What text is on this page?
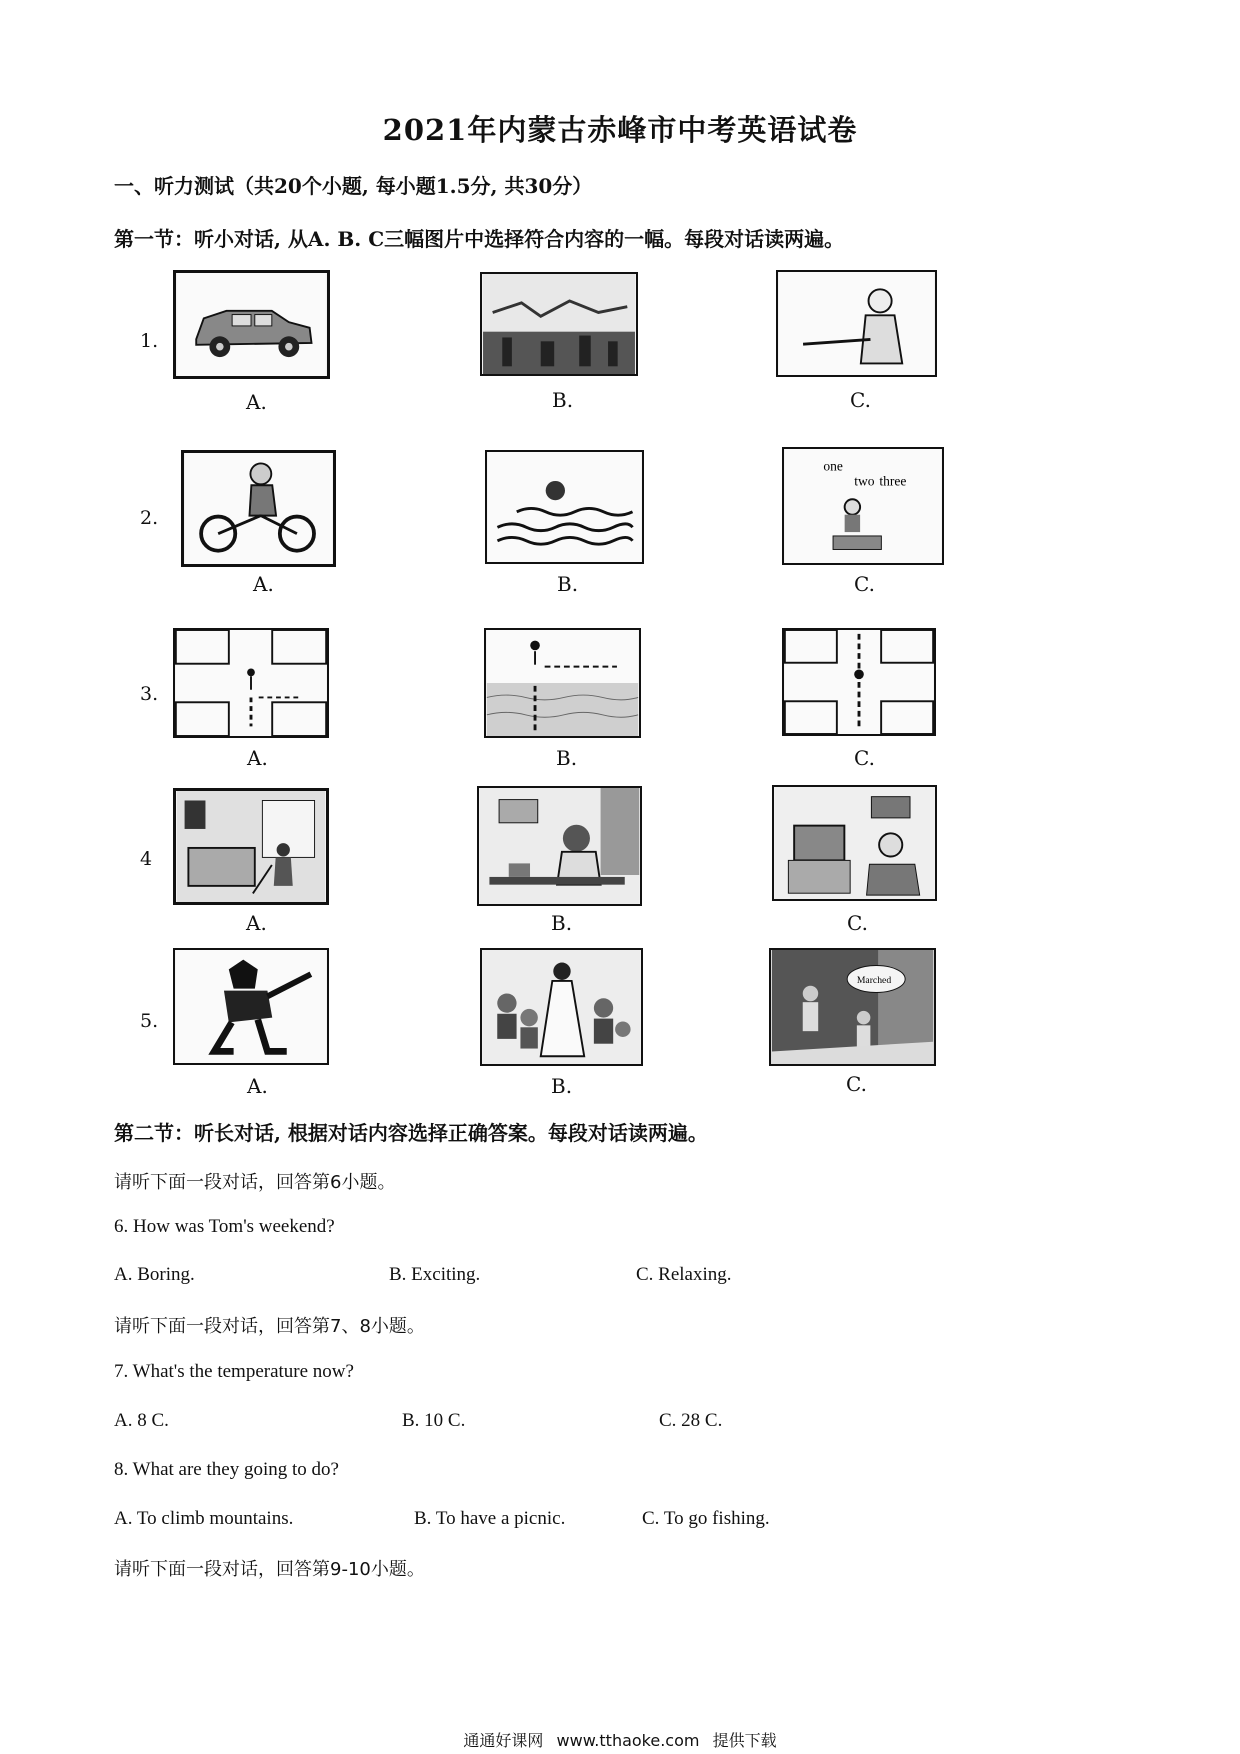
2021年内蒙古赤峰市中考英语试卷
一、听力测试（共20个小题, 每小题1.5分, 共30分）
第一节：听小对话, 从A. B. C三幅图片中选择符合内容的一幅。每段对话读两遍。
1.
A.	B.	C.
2.
A.	B.
one
two three
C.
3.
A.	B.	C.
4
A.	B.	C.
5.
A.	B.
Marched
C.
第二节：听长对话, 根据对话内容选择正确答案。每段对话读两遍。
请听下面一段对话，回答第6小题。
6. How was Tom's weekend?
A. Boring.	B. Exciting.	C. Relaxing.
请听下面一段对话，回答第7、8小题。
7. What's the temperature now?
A. 8 C.	B. 10 C.	C. 28 C.
8. What are they going to do?
A. To climb mountains.	B. To have a picnic.	C. To go fishing.
请听下面一段对话，回答第9-10小题。
通通好课网 www.tthaoke.com 提供下载
